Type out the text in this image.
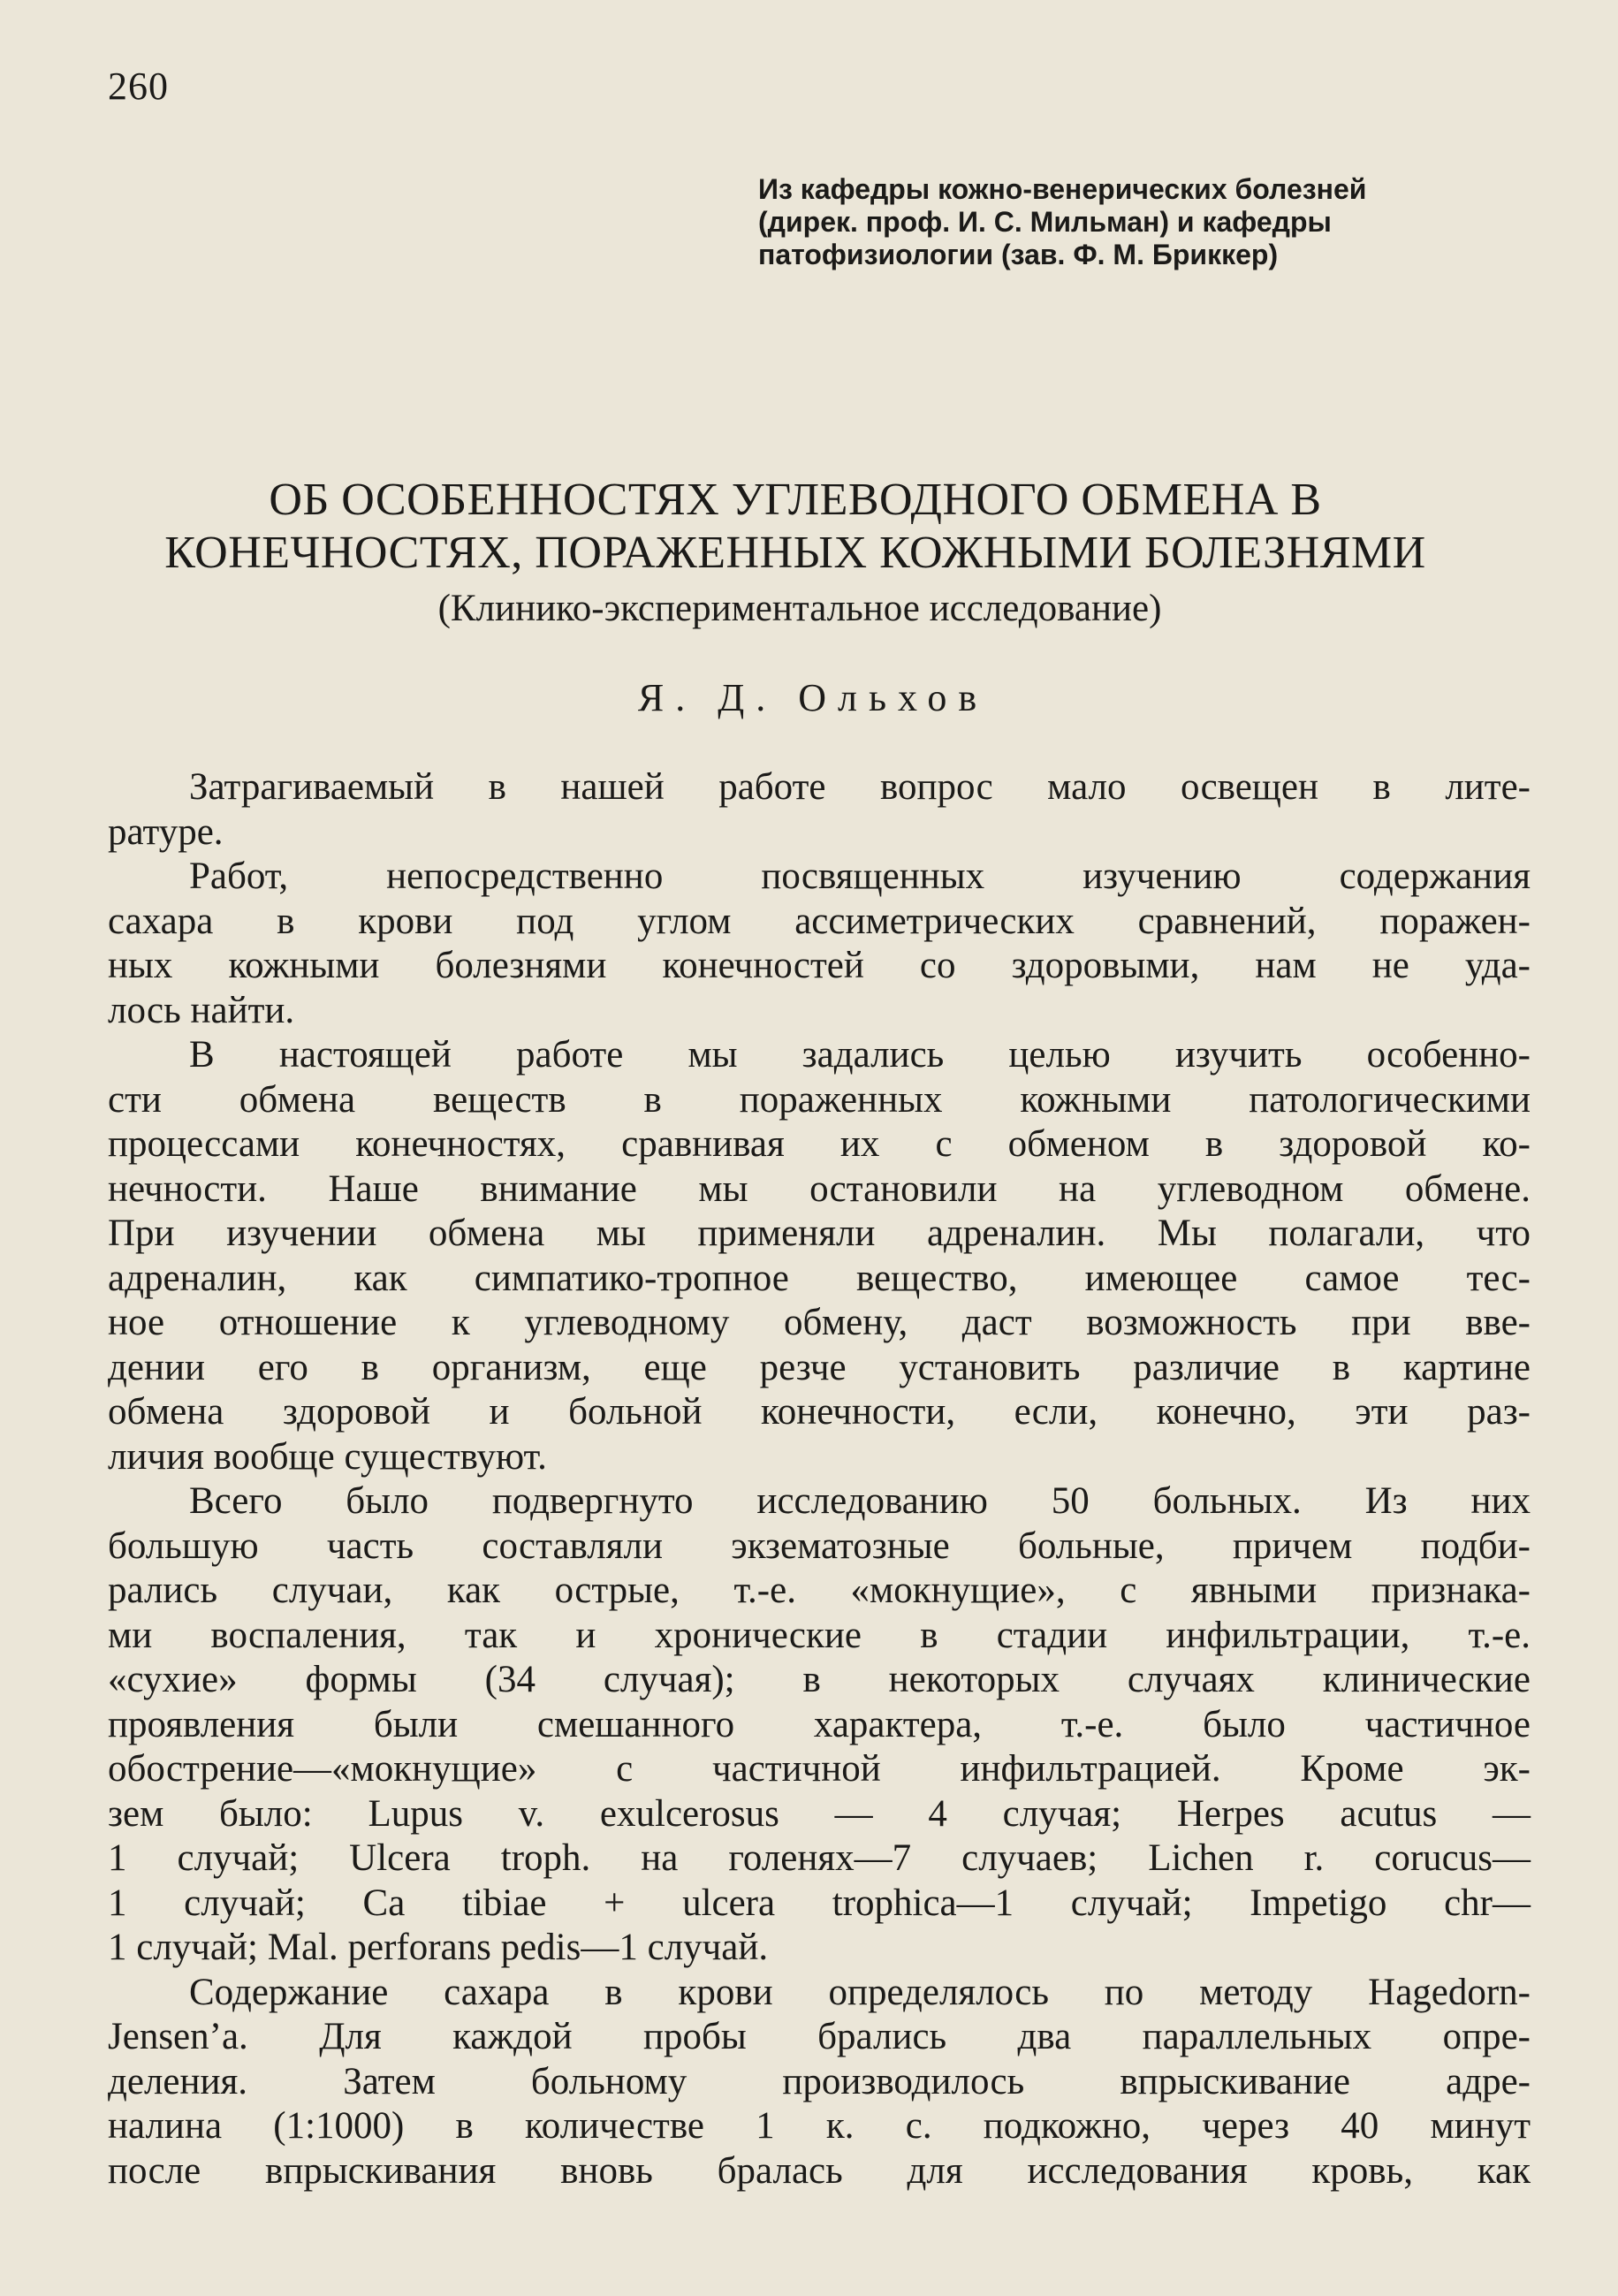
260
Из кафедры кожно-венерических болезней
(дирек. проф. И. С. Мильман) и кафедры
патофизиологии (зав. Ф. М. Бриккер)
ОБ ОСОБЕННОСТЯХ УГЛЕВОДНОГО ОБМЕНА В
КОНЕЧНОСТЯХ, ПОРАЖЕННЫХ КОЖНЫМИ БОЛЕЗНЯМИ
(Клинико-экспериментальное исследование)
Я. Д. Ольхов

Затрагиваемый в нашей работе вопрос мало освещен в лите-

ратуре.

Работ, непосредственно посвященных изучению содержания

сахара в крови под углом ассиметрических сравнений, поражен-

ных кожными болезнями конечностей со здоровыми, нам не уда-

лось найти.

В настоящей работе мы задались целью изучить особенно-

сти обмена веществ в пораженных кожными патологическими

процессами конечностях, сравнивая их с обменом в здоровой ко-

нечности. Наше внимание мы остановили на углеводном обмене.

При изучении обмена мы применяли адреналин. Мы полагали, что

адреналин, как симпатико-тропное вещество, имеющее самое тес-

ное отношение к углеводному обмену, даст возможность при вве-

дении его в организм, еще резче установить различие в картине

обмена здоровой и больной конечности, если, конечно, эти раз-

личия вообще существуют.

Всего было подвергнуто исследованию 50 больных. Из них

большую часть составляли экзематозные больные, причем подби-

рались случаи, как острые, т.-е. «мокнущие», с явными признака-

ми воспаления, так и хронические в стадии инфильтрации, т.-е.

«сухие» формы (34 случая); в некоторых случаях клинические

проявления были смешанного характера, т.-е. было частичное

обострение—«мокнущие» с частичной инфильтрацией. Кроме эк-

зем было: Lupus v. exulcerosus — 4 случая; Herpes acutus —

1 случай; Ulcera troph. на голенях—7 случаев; Lichen r. corucus—

1 случай; Ca tibiae + ulcera trophica—1 случай; Impetigo chr—

1 случай; Mal. perforans pedis—1 случай.

Содержание сахара в крови определялось по методу Hagedorn-

Jensen’a. Для каждой пробы брались два параллельных опре-

деления. Затем больному производилось впрыскивание адре-

налина (1:1000) в количестве 1 к. с. подкожно, через 40 минут

после впрыскивания вновь бралась для исследования кровь, как
